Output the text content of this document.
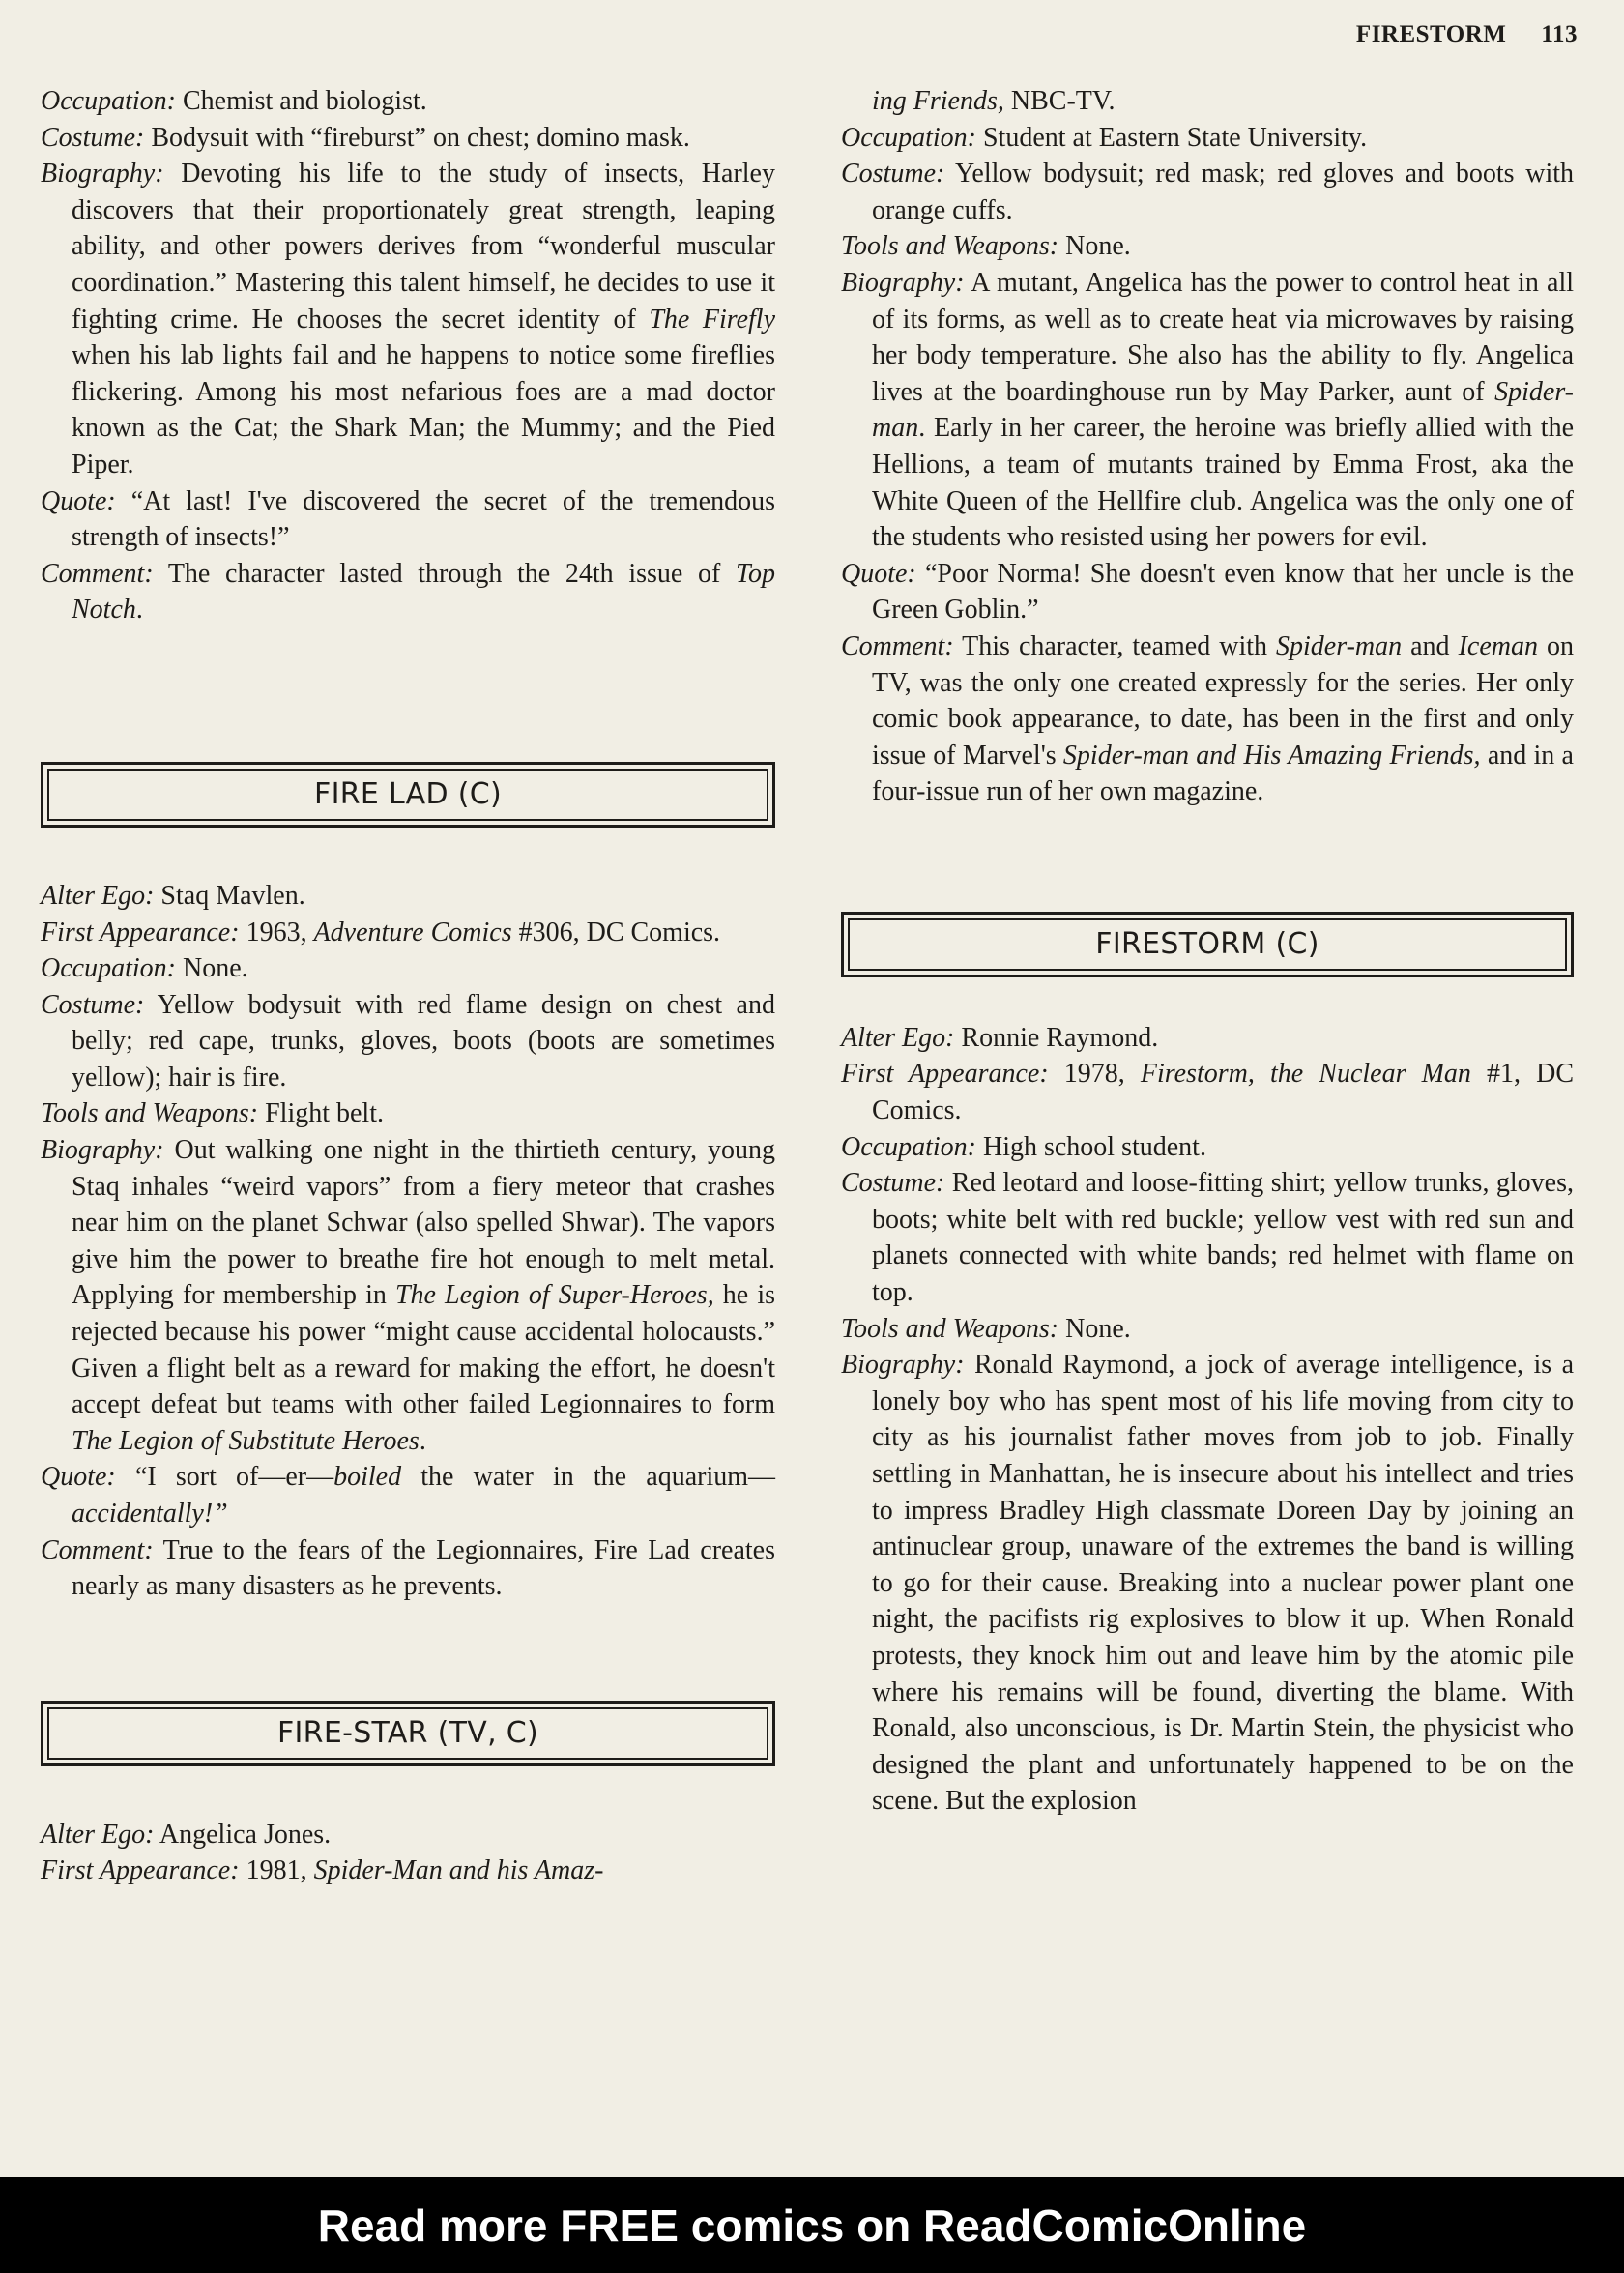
FIRESTORM 113

Occupation: Chemist and biologist.

Costume: Bodysuit with “fireburst” on chest; domino mask.

Biography: Devoting his life to the study of insects, Harley discovers that their proportionately great strength, leaping ability, and other powers derives from “wonderful muscular coordination.” Mastering this talent himself, he decides to use it fighting crime. He chooses the secret identity of The Firefly when his lab lights fail and he happens to notice some fireflies flickering. Among his most nefarious foes are a mad doctor known as the Cat; the Shark Man; the Mummy; and the Pied Piper.

Quote: “At last! I've discovered the secret of the tremendous strength of insects!”

Comment: The character lasted through the 24th issue of Top Notch.

FIRE LAD (C)

Alter Ego: Staq Mavlen.

First Appearance: 1963, Adventure Comics #306, DC Comics.

Occupation: None.

Costume: Yellow bodysuit with red flame design on chest and belly; red cape, trunks, gloves, boots (boots are sometimes yellow); hair is fire.

Tools and Weapons: Flight belt.

Biography: Out walking one night in the thirtieth century, young Staq inhales “weird vapors” from a fiery meteor that crashes near him on the planet Schwar (also spelled Shwar). The vapors give him the power to breathe fire hot enough to melt metal. Applying for membership in The Legion of Super-Heroes, he is rejected because his power “might cause accidental holocausts.” Given a flight belt as a reward for making the effort, he doesn't accept defeat but teams with other failed Legionnaires to form The Legion of Substitute Heroes.

Quote: “I sort of—er—boiled the water in the aquarium—accidentally!”

Comment: True to the fears of the Legionnaires, Fire Lad creates nearly as many disasters as he prevents.

FIRE-STAR (TV, C)

Alter Ego: Angelica Jones.

First Appearance: 1981, Spider-Man and his Amaz-

ing Friends, NBC-TV.

Occupation: Student at Eastern State University.

Costume: Yellow bodysuit; red mask; red gloves and boots with orange cuffs.

Tools and Weapons: None.

Biography: A mutant, Angelica has the power to control heat in all of its forms, as well as to create heat via microwaves by raising her body temperature. She also has the ability to fly. Angelica lives at the boardinghouse run by May Parker, aunt of Spider-man. Early in her career, the heroine was briefly allied with the Hellions, a team of mutants trained by Emma Frost, aka the White Queen of the Hellfire club. Angelica was the only one of the students who resisted using her powers for evil.

Quote: “Poor Norma! She doesn't even know that her uncle is the Green Goblin.”

Comment: This character, teamed with Spider-man and Iceman on TV, was the only one created expressly for the series. Her only comic book appearance, to date, has been in the first and only issue of Marvel's Spider-man and His Amazing Friends, and in a four-issue run of her own magazine.

FIRESTORM (C)

Alter Ego: Ronnie Raymond.

First Appearance: 1978, Firestorm, the Nuclear Man #1, DC Comics.

Occupation: High school student.

Costume: Red leotard and loose-fitting shirt; yellow trunks, gloves, boots; white belt with red buckle; yellow vest with red sun and planets connected with white bands; red helmet with flame on top.

Tools and Weapons: None.

Biography: Ronald Raymond, a jock of average intelligence, is a lonely boy who has spent most of his life moving from city to city as his journalist father moves from job to job. Finally settling in Manhattan, he is insecure about his intellect and tries to impress Bradley High classmate Doreen Day by joining an antinuclear group, unaware of the extremes the band is willing to go for their cause. Breaking into a nuclear power plant one night, the pacifists rig explosives to blow it up. When Ronald protests, they knock him out and leave him by the atomic pile where his remains will be found, diverting the blame. With Ronald, also unconscious, is Dr. Martin Stein, the physicist who designed the plant and unfortunately happened to be on the scene. But the explosion

Read more FREE comics on ReadComicOnline
